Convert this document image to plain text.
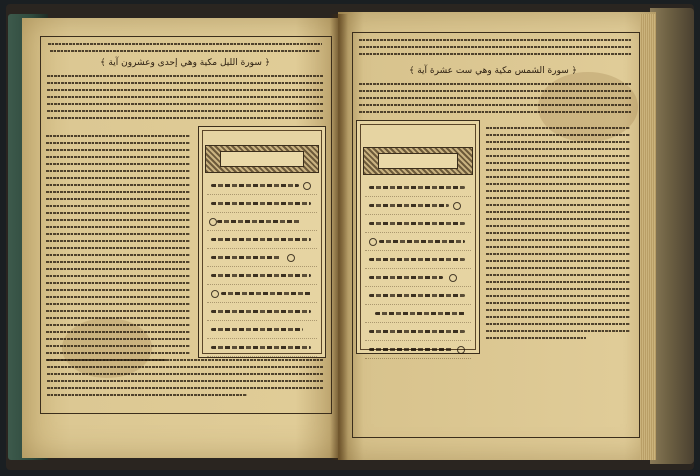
﴿ سورة الليل مكية وهي إحدى وعشرون آية ﴾
﴿ سورة الشمس مكية وهي ست عشرة آية ﴾
